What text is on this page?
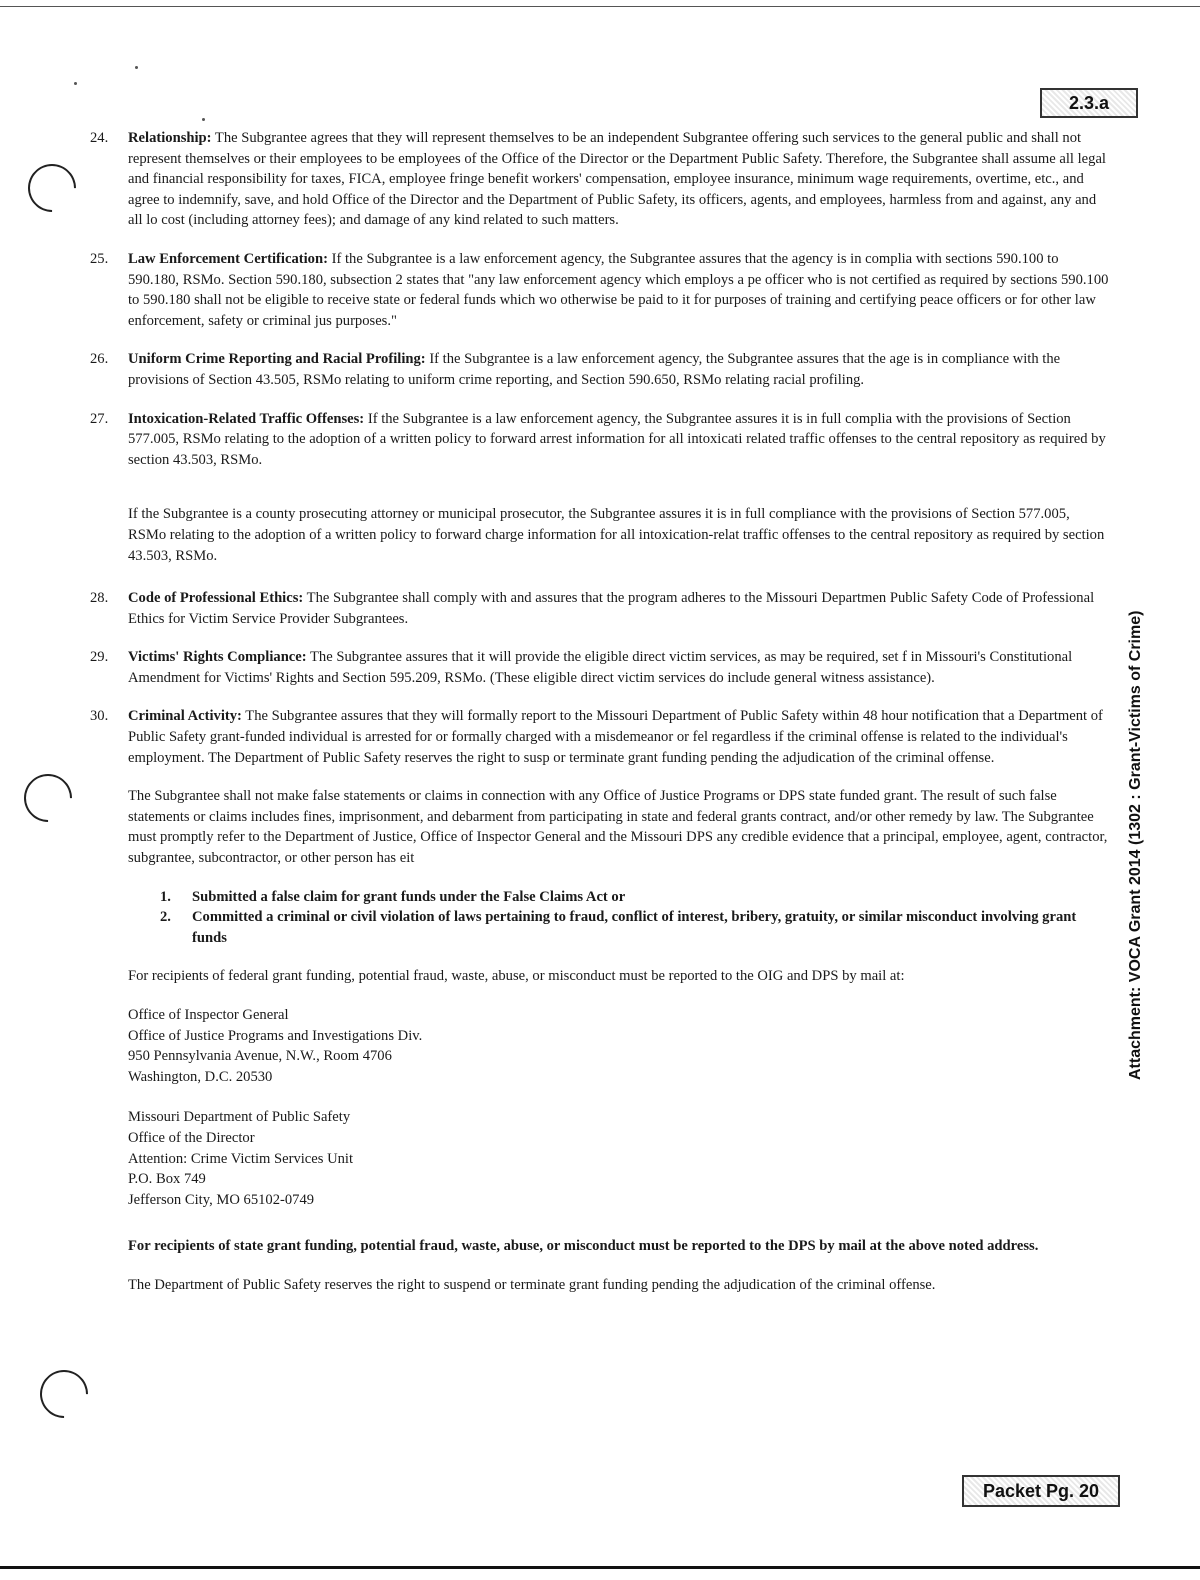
2.3.a
Attachment: VOCA Grant 2014 (1302 : Grant-Victims of Crime)
24. Relationship: The Subgrantee agrees that they will represent themselves to be an independent Subgrantee offering such services to the general public and shall not represent themselves or their employees to be employees of the Office of the Director or the Department Public Safety. Therefore, the Subgrantee shall assume all legal and financial responsibility for taxes, FICA, employee fringe benefit workers' compensation, employee insurance, minimum wage requirements, overtime, etc., and agree to indemnify, save, and hold Office of the Director and the Department of Public Safety, its officers, agents, and employees, harmless from and against, any and all lo cost (including attorney fees); and damage of any kind related to such matters.
25. Law Enforcement Certification: If the Subgrantee is a law enforcement agency, the Subgrantee assures that the agency is in complia with sections 590.100 to 590.180, RSMo. Section 590.180, subsection 2 states that "any law enforcement agency which employs a pe officer who is not certified as required by sections 590.100 to 590.180 shall not be eligible to receive state or federal funds which wo otherwise be paid to it for purposes of training and certifying peace officers or for other law enforcement, safety or criminal jus purposes."
26. Uniform Crime Reporting and Racial Profiling: If the Subgrantee is a law enforcement agency, the Subgrantee assures that the age is in compliance with the provisions of Section 43.505, RSMo relating to uniform crime reporting, and Section 590.650, RSMo relating racial profiling.
27. Intoxication-Related Traffic Offenses: If the Subgrantee is a law enforcement agency, the Subgrantee assures it is in full complia with the provisions of Section 577.005, RSMo relating to the adoption of a written policy to forward arrest information for all intoxicati related traffic offenses to the central repository as required by section 43.503, RSMo.
If the Subgrantee is a county prosecuting attorney or municipal prosecutor, the Subgrantee assures it is in full compliance with the provisions of Section 577.005, RSMo relating to the adoption of a written policy to forward charge information for all intoxication-relat traffic offenses to the central repository as required by section 43.503, RSMo.
28. Code of Professional Ethics: The Subgrantee shall comply with and assures that the program adheres to the Missouri Departmen Public Safety Code of Professional Ethics for Victim Service Provider Subgrantees.
29. Victims' Rights Compliance: The Subgrantee assures that it will provide the eligible direct victim services, as may be required, set f in Missouri's Constitutional Amendment for Victims' Rights and Section 595.209, RSMo. (These eligible direct victim services do include general witness assistance).
30. Criminal Activity: The Subgrantee assures that they will formally report to the Missouri Department of Public Safety within 48 hour notification that a Department of Public Safety grant-funded individual is arrested for or formally charged with a misdemeanor or fel regardless if the criminal offense is related to the individual's employment. The Department of Public Safety reserves the right to susp or terminate grant funding pending the adjudication of the criminal offense.
The Subgrantee shall not make false statements or claims in connection with any Office of Justice Programs or DPS state funded grant. The result of such false statements or claims includes fines, imprisonment, and debarment from participating in state and federal grants contract, and/or other remedy by law. The Subgrantee must promptly refer to the Department of Justice, Office of Inspector General and the Missouri DPS any credible evidence that a principal, employee, agent, contractor, subgrantee, subcontractor, or other person has eit
1. Submitted a false claim for grant funds under the False Claims Act or
2. Committed a criminal or civil violation of laws pertaining to fraud, conflict of interest, bribery, gratuity, or similar misconduct involving grant funds
For recipients of federal grant funding, potential fraud, waste, abuse, or misconduct must be reported to the OIG and DPS by mail at:
Office of Inspector General
Office of Justice Programs and Investigations Div.
950 Pennsylvania Avenue, N.W., Room 4706
Washington, D.C. 20530
Missouri Department of Public Safety
Office of the Director
Attention: Crime Victim Services Unit
P.O. Box 749
Jefferson City, MO 65102-0749
For recipients of state grant funding, potential fraud, waste, abuse, or misconduct must be reported to the DPS by mail at the above noted address.
The Department of Public Safety reserves the right to suspend or terminate grant funding pending the adjudication of the criminal offense.
Packet Pg. 20
